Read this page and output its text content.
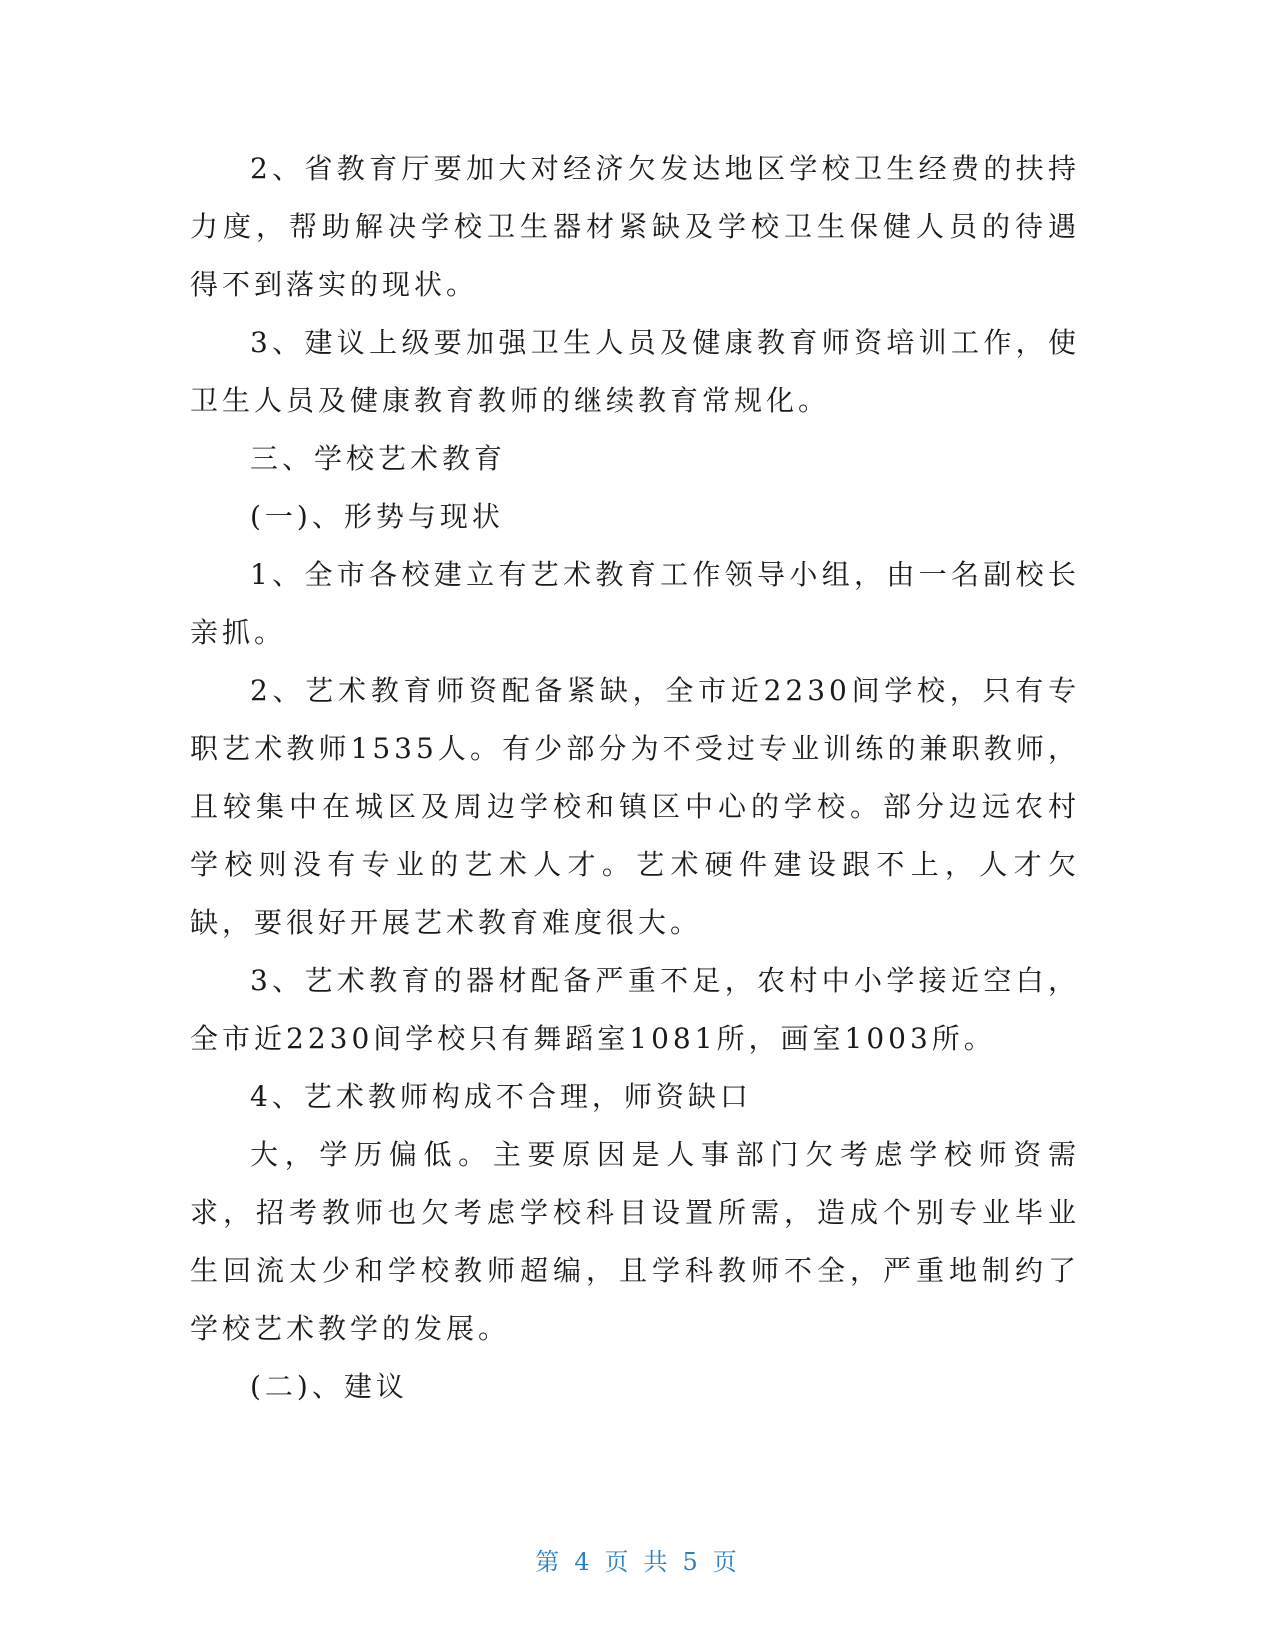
2、省教育厅要加大对经济欠发达地区学校卫生经费的扶持力度，帮助解决学校卫生器材紧缺及学校卫生保健人员的待遇得不到落实的现状。

3、建议上级要加强卫生人员及健康教育师资培训工作，使卫生人员及健康教育教师的继续教育常规化。

三、学校艺术教育

(一)、形势与现状

1、全市各校建立有艺术教育工作领导小组，由一名副校长亲抓。

2、艺术教育师资配备紧缺，全市近2230间学校，只有专职艺术教师1535人。有少部分为不受过专业训练的兼职教师，且较集中在城区及周边学校和镇区中心的学校。部分边远农村学校则没有专业的艺术人才。艺术硬件建设跟不上，人才欠缺，要很好开展艺术教育难度很大。

3、艺术教育的器材配备严重不足，农村中小学接近空白，全市近2230间学校只有舞蹈室1081所，画室1003所。

4、艺术教师构成不合理，师资缺口

大，学历偏低。主要原因是人事部门欠考虑学校师资需求，招考教师也欠考虑学校科目设置所需，造成个别专业毕业生回流太少和学校教师超编，且学科教师不全，严重地制约了学校艺术教学的发展。

(二)、建议

第 4 页 共 5 页
